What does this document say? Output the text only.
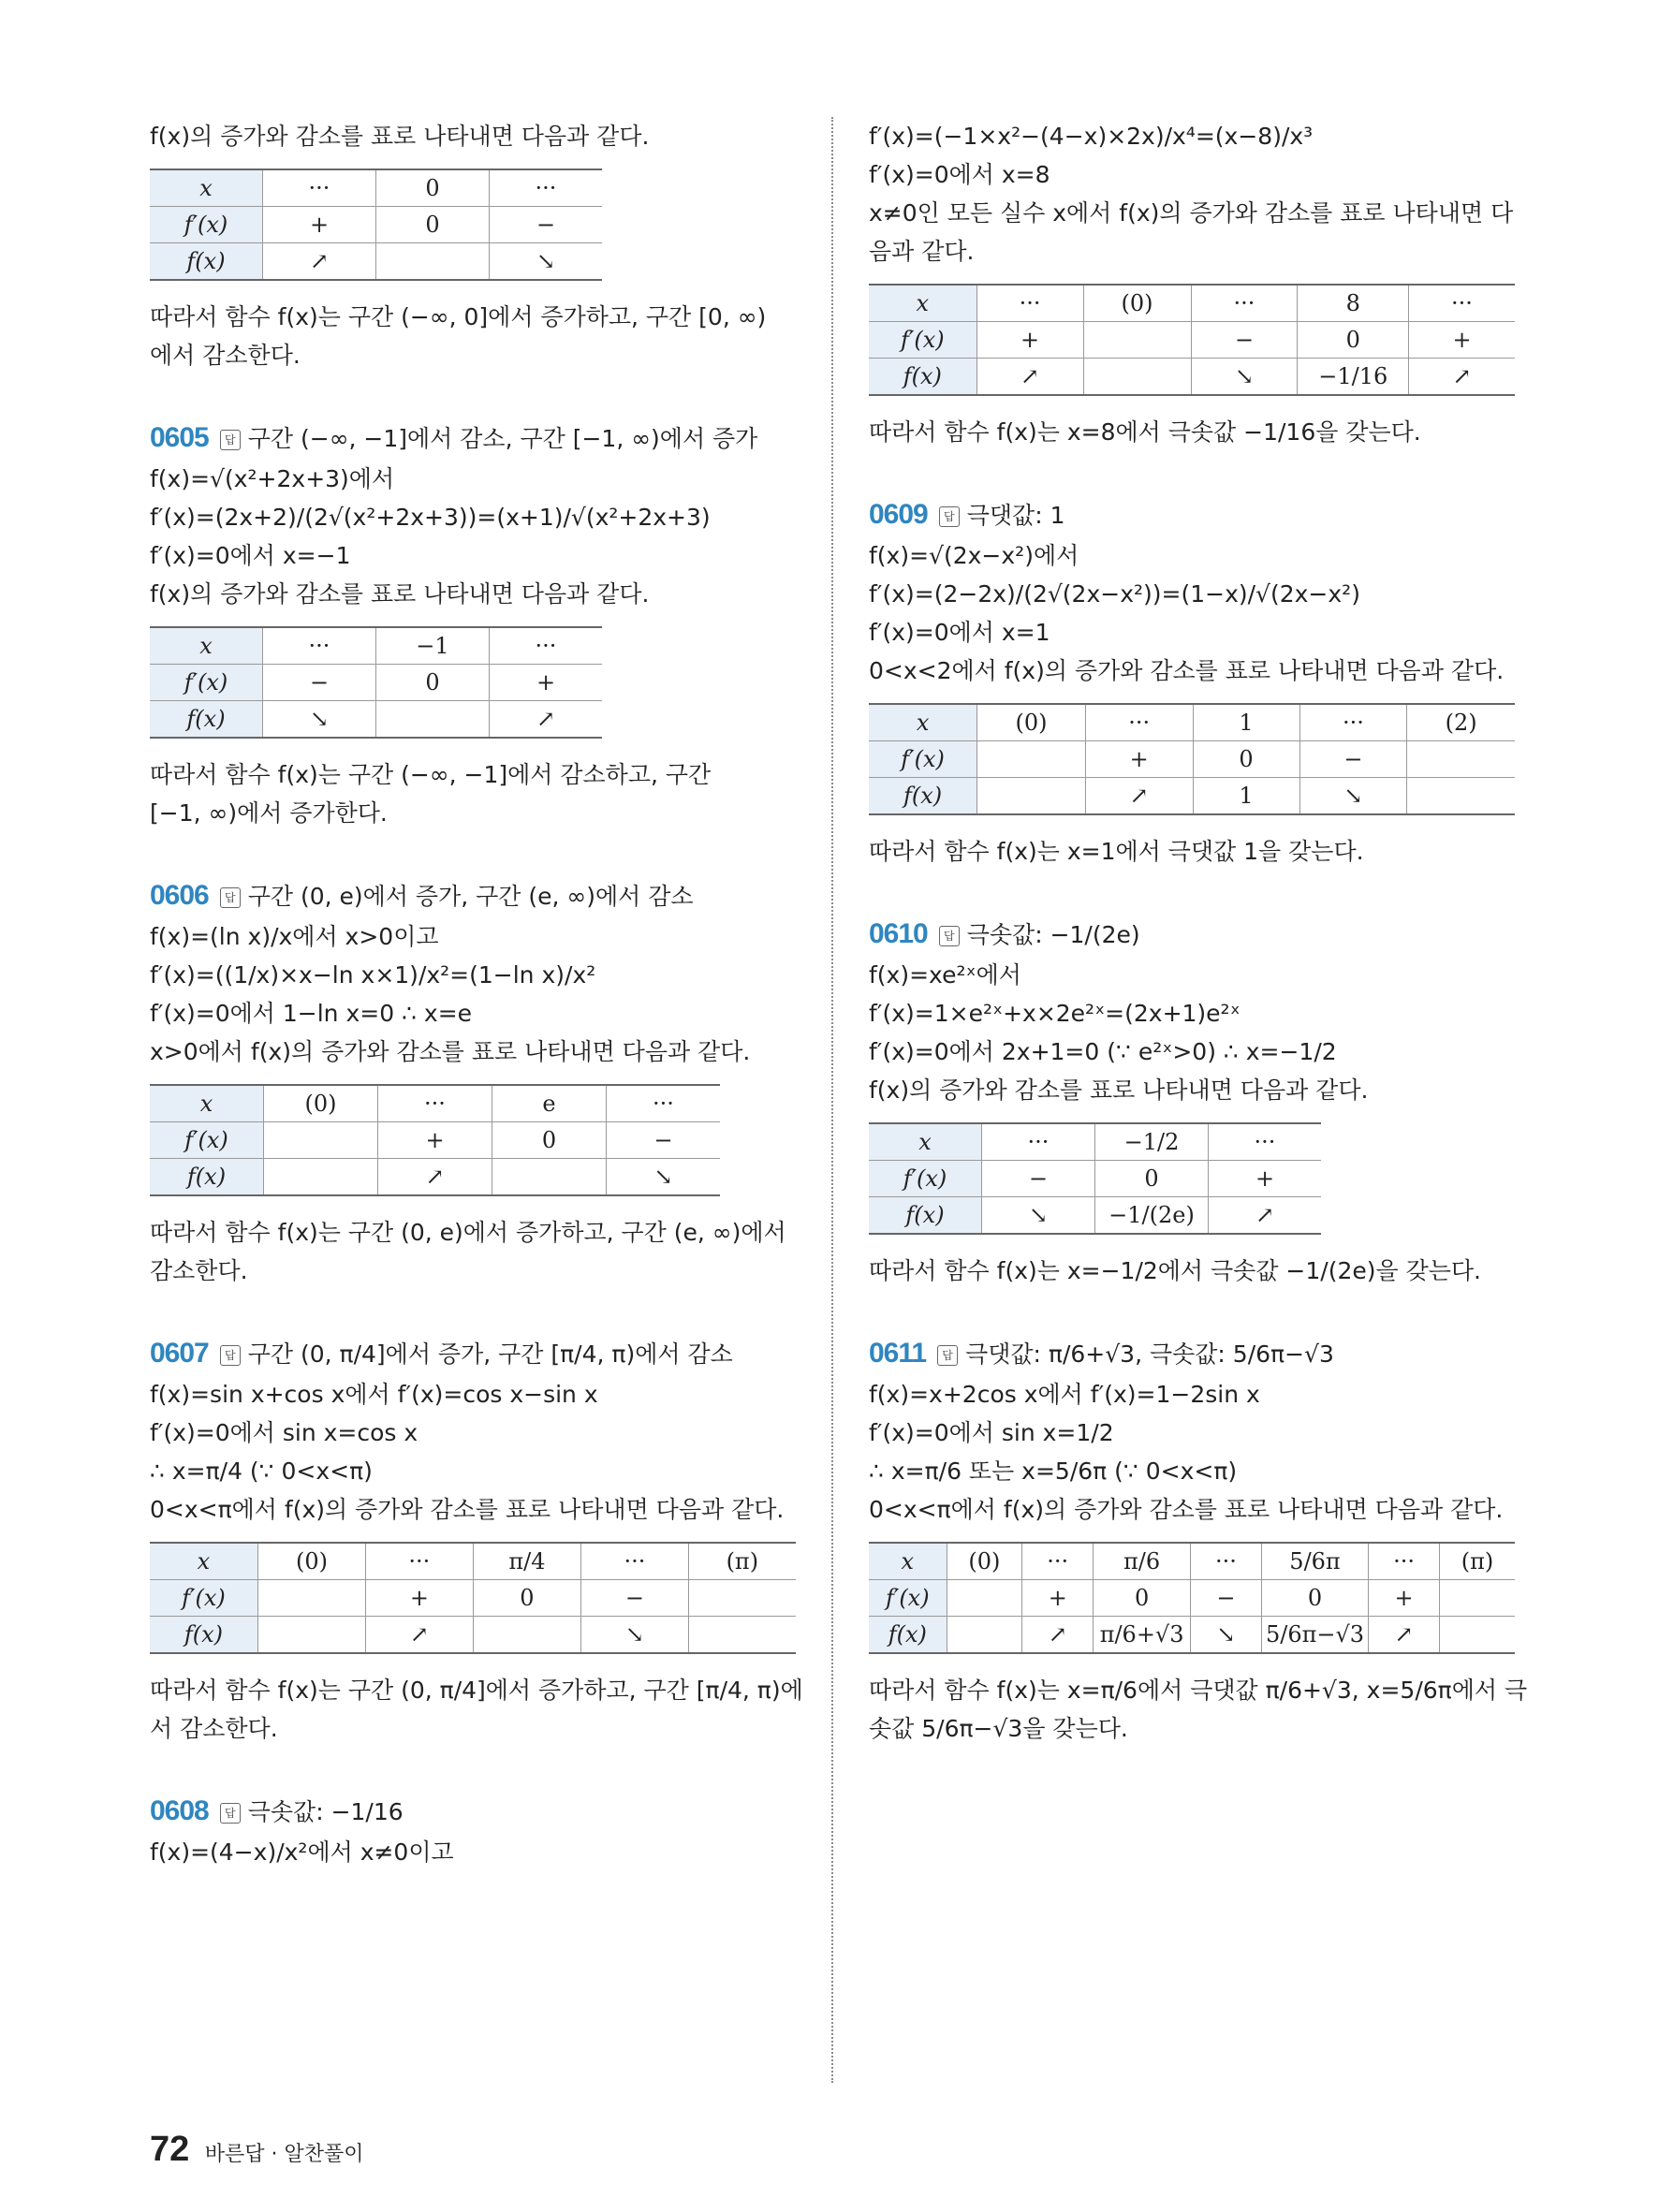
f(x)의 증가와 감소를 표로 나타내면 다음과 같다.
x	···	0	···
f′(x)	+	0	−
f(x)	↗		↘
따라서 함수 f(x)는 구간 (−∞, 0]에서 증가하고, 구간 [0, ∞)
에서 감소한다.
0605 답 구간 (−∞, −1]에서 감소, 구간 [−1, ∞)에서 증가
f(x)=√(x²+2x+3)에서
f′(x)=(2x+2)/(2√(x²+2x+3))=(x+1)/√(x²+2x+3)
f′(x)=0에서 x=−1
f(x)의 증가와 감소를 표로 나타내면 다음과 같다.
x	···	−1	···
f′(x)	−	0	+
f(x)	↘		↗
따라서 함수 f(x)는 구간 (−∞, −1]에서 감소하고, 구간
[−1, ∞)에서 증가한다.
0606 답 구간 (0, e)에서 증가, 구간 (e, ∞)에서 감소
f(x)=(ln x)/x에서 x>0이고
f′(x)=((1/x)×x−ln x×1)/x²=(1−ln x)/x²
f′(x)=0에서 1−ln x=0 ∴ x=e
x>0에서 f(x)의 증가와 감소를 표로 나타내면 다음과 같다.
x	(0)	···	e	···
f′(x)		+	0	−
f(x)		↗		↘
따라서 함수 f(x)는 구간 (0, e)에서 증가하고, 구간 (e, ∞)에서
감소한다.
0607 답 구간 (0, π/4]에서 증가, 구간 [π/4, π)에서 감소
f(x)=sin x+cos x에서 f′(x)=cos x−sin x
f′(x)=0에서 sin x=cos x
∴ x=π/4 (∵ 0<x<π)
0<x<π에서 f(x)의 증가와 감소를 표로 나타내면 다음과 같다.
x	(0)	···	π/4	···	(π)
f′(x)		+	0	−	
f(x)		↗		↘	
따라서 함수 f(x)는 구간 (0, π/4]에서 증가하고, 구간 [π/4, π)에
서 감소한다.
0608 답 극솟값: −1/16
f(x)=(4−x)/x²에서 x≠0이고
f′(x)=(−1×x²−(4−x)×2x)/x⁴=(x−8)/x³
f′(x)=0에서 x=8
x≠0인 모든 실수 x에서 f(x)의 증가와 감소를 표로 나타내면 다
음과 같다.
x	···	(0)	···	8	···
f′(x)	+		−	0	+
f(x)	↗		↘	−1/16	↗
따라서 함수 f(x)는 x=8에서 극솟값 −1/16을 갖는다.
0609 답 극댓값: 1
f(x)=√(2x−x²)에서
f′(x)=(2−2x)/(2√(2x−x²))=(1−x)/√(2x−x²)
f′(x)=0에서 x=1
0<x<2에서 f(x)의 증가와 감소를 표로 나타내면 다음과 같다.
x	(0)	···	1	···	(2)
f′(x)		+	0	−	
f(x)		↗	1	↘	
따라서 함수 f(x)는 x=1에서 극댓값 1을 갖는다.
0610 답 극솟값: −1/(2e)
f(x)=xe²ˣ에서
f′(x)=1×e²ˣ+x×2e²ˣ=(2x+1)e²ˣ
f′(x)=0에서 2x+1=0 (∵ e²ˣ>0) ∴ x=−1/2
f(x)의 증가와 감소를 표로 나타내면 다음과 같다.
x	···	−1/2	···
f′(x)	−	0	+
f(x)	↘	−1/(2e)	↗
따라서 함수 f(x)는 x=−1/2에서 극솟값 −1/(2e)을 갖는다.
0611 답 극댓값: π/6+√3, 극솟값: 5/6π−√3
f(x)=x+2cos x에서 f′(x)=1−2sin x
f′(x)=0에서 sin x=1/2
∴ x=π/6 또는 x=5/6π (∵ 0<x<π)
0<x<π에서 f(x)의 증가와 감소를 표로 나타내면 다음과 같다.
x	(0)	···	π/6	···	5/6π	···	(π)
f′(x)		+	0	−	0	+	
f(x)		↗	π/6+√3	↘	5/6π−√3	↗	
따라서 함수 f(x)는 x=π/6에서 극댓값 π/6+√3, x=5/6π에서 극
솟값 5/6π−√3을 갖는다.
72 바른답 · 알찬풀이
